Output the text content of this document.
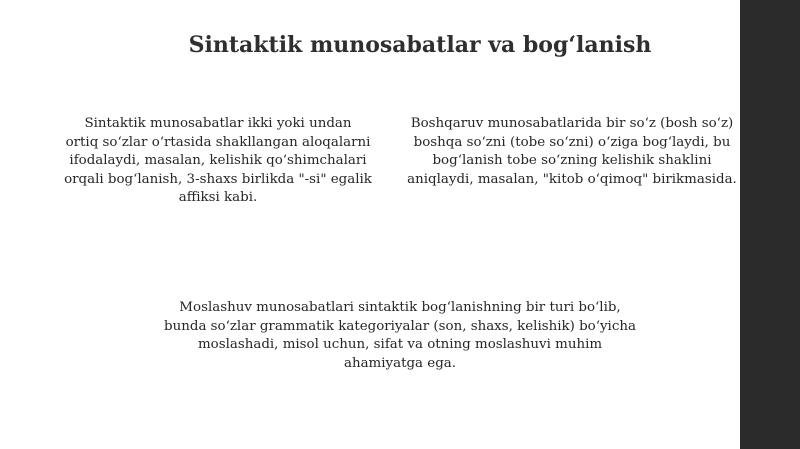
Sintaktik munosabatlar va bog‘lanish
Sintaktik munosabatlar ikki yoki undan
ortiq so‘zlar o‘rtasida shakllangan aloqalarni
ifodalaydi, masalan, kelishik qo‘shimchalari
orqali bog‘lanish, 3-shaxs birlikda "-si" egalik
affiksi kabi.
Boshqaruv munosabatlarida bir so‘z (bosh so‘z)
boshqa so‘zni (tobe so‘zni) o‘ziga bog‘laydi, bu
bog‘lanish tobe so‘zning kelishik shaklini
aniqlaydi, masalan, "kitob o‘qimoq" birikmasida.
Moslashuv munosabatlari sintaktik bog‘lanishning bir turi bo‘lib,
bunda so‘zlar grammatik kategoriyalar (son, shaxs, kelishik) bo‘yicha
moslashadi, misol uchun, sifat va otning moslashuvi muhim
ahamiyatga ega.
